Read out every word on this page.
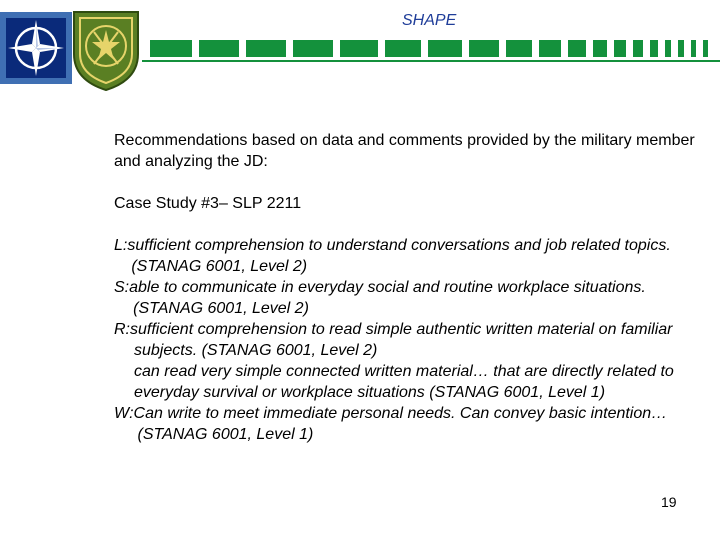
SHAPE

Recommendations based on data and comments provided by the military member and analyzing the JD:

Case Study #3– SLP 2211

L: sufficient comprehension to understand conversations and job related topics. (STANAG 6001, Level 2)
S: able to communicate in everyday social and routine workplace situations. (STANAG 6001, Level 2)
R: sufficient comprehension to read simple authentic written material on familiar subjects. (STANAG 6001, Level 2)
can read very simple connected written material… that are directly related to everyday survival or workplace situations (STANAG 6001, Level 1)
W: Can write to meet immediate personal needs. Can convey basic intention… (STANAG 6001, Level 1)
19
